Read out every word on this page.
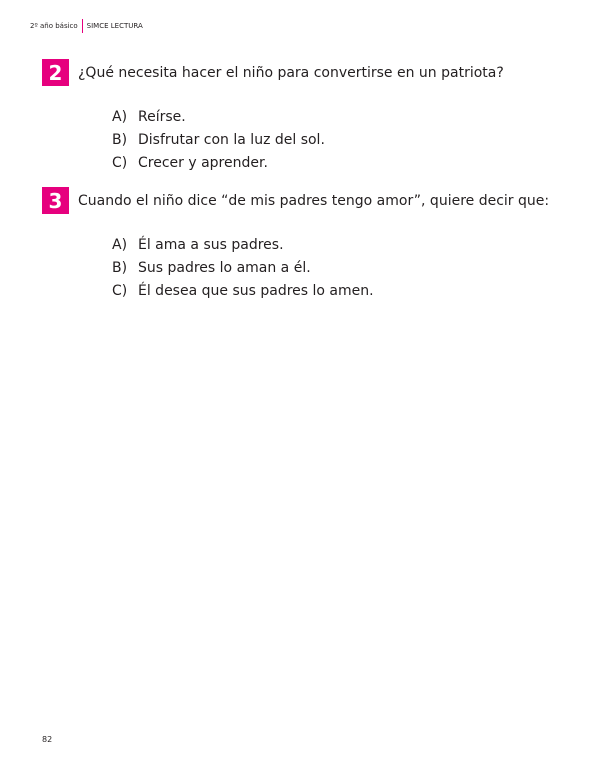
2º año básico SIMCE LECTURA
2	¿Qué necesita hacer el niño para convertirse en un patriota?
A) Reírse.
B) Disfrutar con la luz del sol.
C) Crecer y aprender.
3	Cuando el niño dice “de mis padres tengo amor”, quiere decir que:
A) Él ama a sus padres.
B) Sus padres lo aman a él.
C) Él desea que sus padres lo amen.
82
